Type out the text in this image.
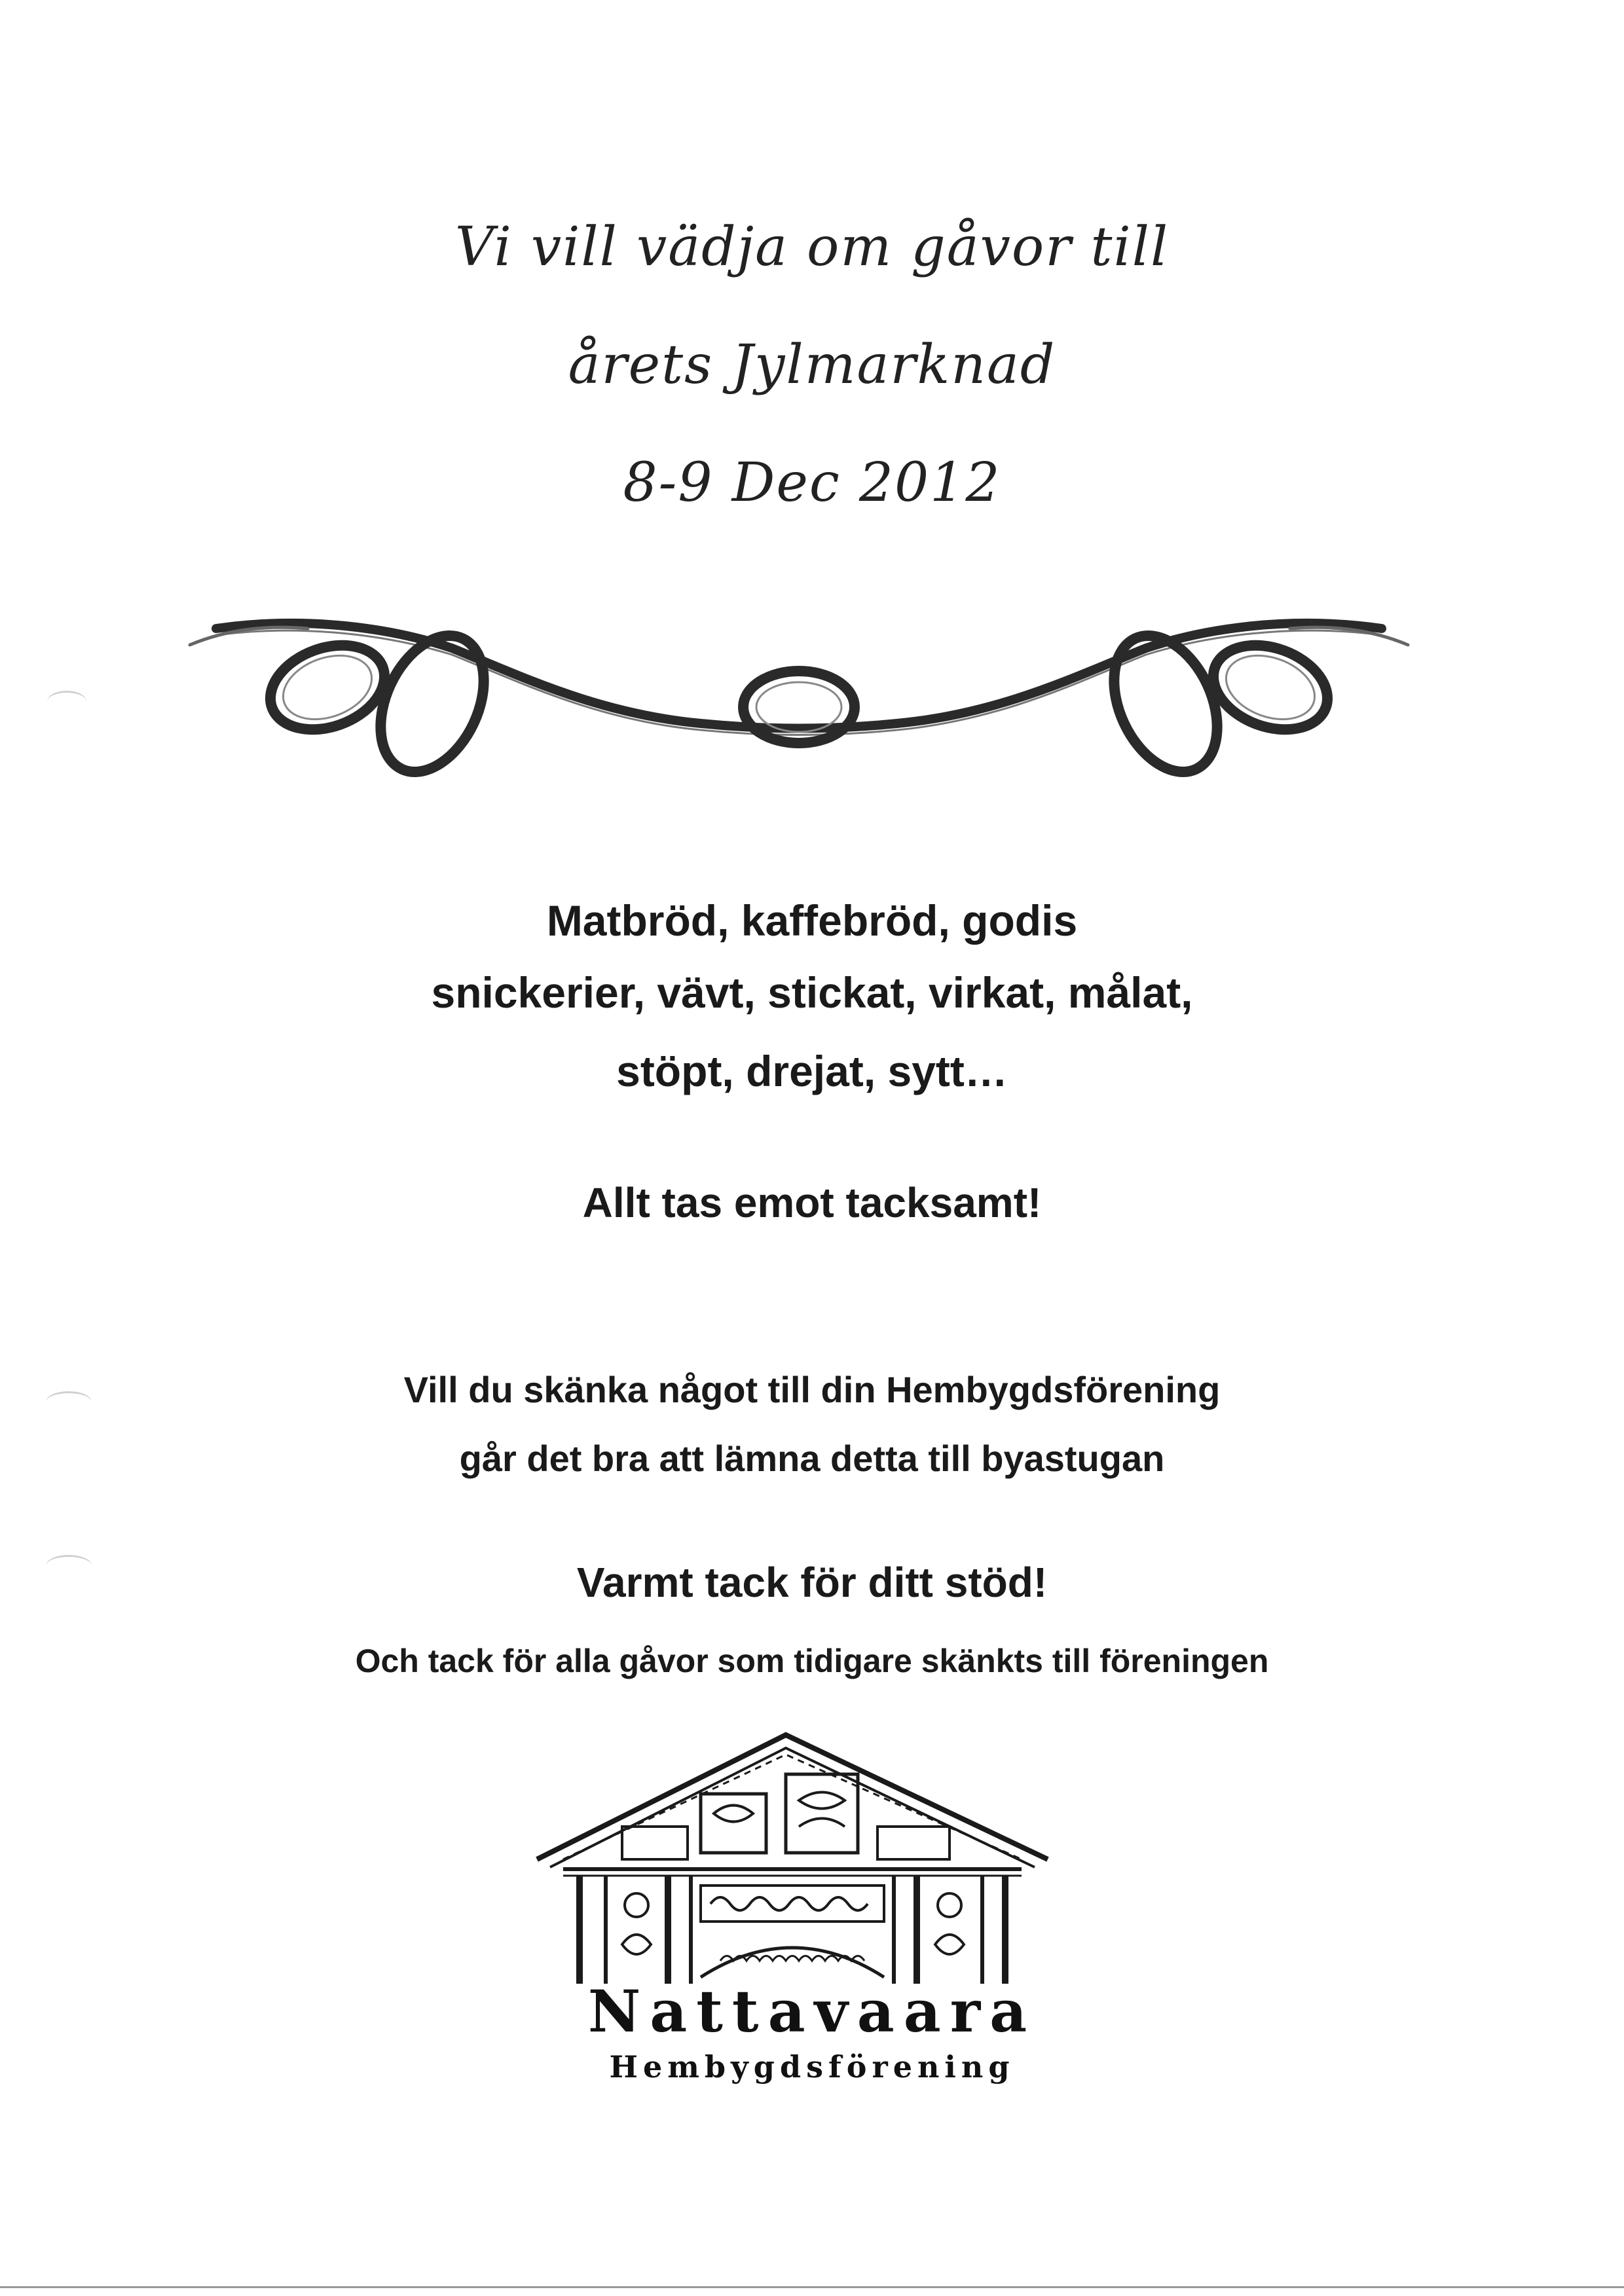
Vi vill vädja om gåvor till
årets Jylmarknad
8-9 Dec 2012
Matbröd, kaffebröd, godis
snickerier, vävt, stickat, virkat, målat,
stöpt, drejat, sytt…
Allt tas emot tacksamt!
Vill du skänka något till din Hembygdsförening
går det bra att lämna detta till byastugan
Varmt tack för ditt stöd!
Och tack för alla gåvor som tidigare skänkts till föreningen
Nattavaara
Hembygdsförening
